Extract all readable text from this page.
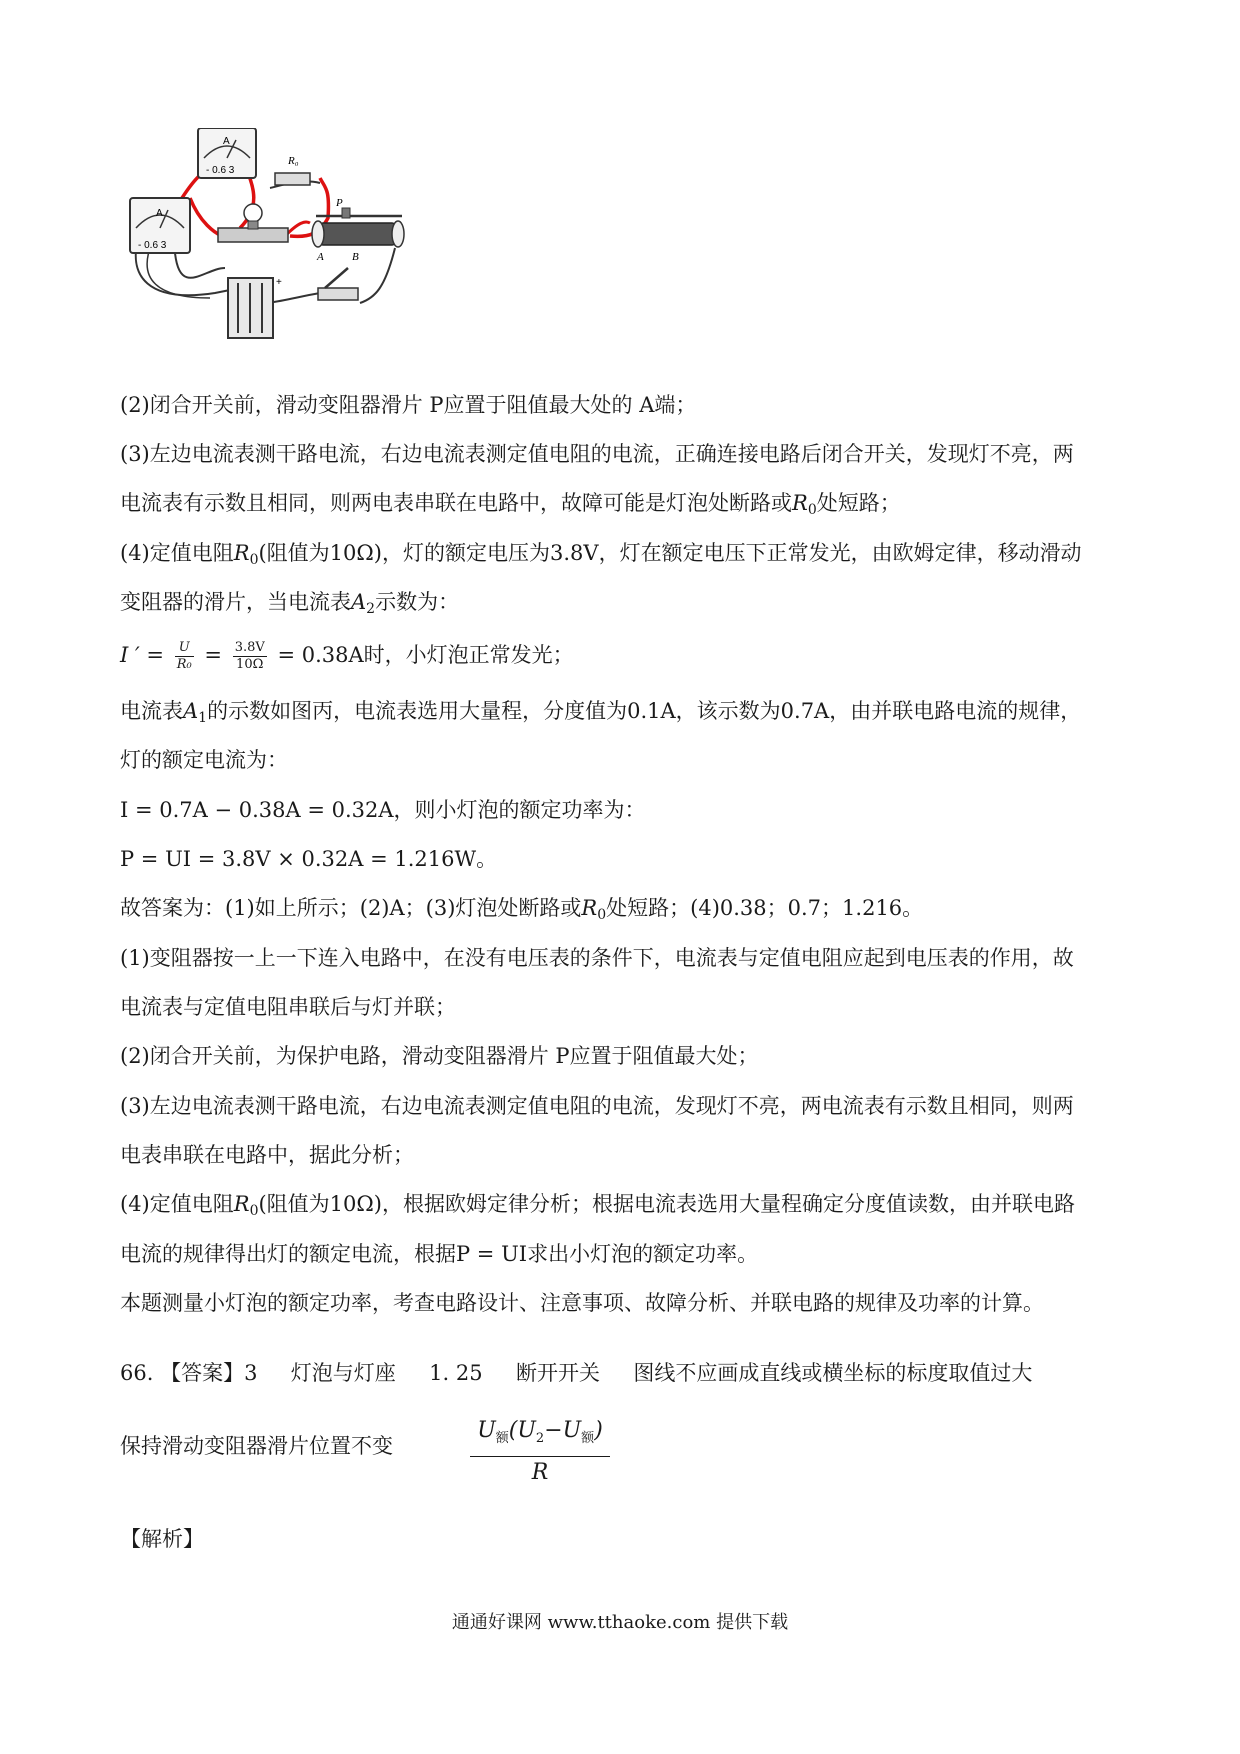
A
- 0.6 3
A
- 0.6 3
R₀
P
A	B
+
(2)闭合开关前，滑动变阻器滑片 P应置于阻值最大处的 A端；
(3)左边电流表测干路电流，右边电流表测定值电阻的电流，正确连接电路后闭合开关，发现灯不亮，两
电流表有示数且相同，则两电表串联在电路中，故障可能是灯泡处断路或$R_0$处短路；
(4)定值电阻$R_0$(阻值为10Ω)，灯的额定电压为3.8V，灯在额定电压下正常发光，由欧姆定律，移动滑动
变阻器的滑片，当电流表$A_2$示数为：
I ′ = $\frac{U}{\text{R₀}} = \frac{3.8V}{10\Omega} = 0.38A$时，小灯泡正常发光；
电流表$A_1$的示数如图丙，电流表选用大量程，分度值为0.1A，该示数为0.7A，由并联电路电流的规律，
灯的额定电流为：
I = 0.7A − 0.38A = 0.32A，则小灯泡的额定功率为：
P = UI = 3.8V × 0.32A = 1.216W。
故答案为：(1)如上所示；(2)A；(3)灯泡处断路或$R_0$处短路；(4)0.38；0.7；1.216。
(1)变阻器按一上一下连入电路中，在没有电压表的条件下，电流表与定值电阻应起到电压表的作用，故
电流表与定值电阻串联后与灯并联；
(2)闭合开关前，为保护电路，滑动变阻器滑片 P应置于阻值最大处；
(3)左边电流表测干路电流，右边电流表测定值电阻的电流，发现灯不亮，两电流表有示数且相同，则两
电表串联在电路中，据此分析；
(4)定值电阻$R_0$(阻值为10Ω)，根据欧姆定律分析；根据电流表选用大量程确定分度值读数，由并联电路
电流的规律得出灯的额定电流，根据P = UI求出小灯泡的额定功率。
本题测量小灯泡的额定功率，考查电路设计、注意事项、故障分析、并联电路的规律及功率的计算。
66. 【答案】3     灯泡与灯座     1. 25     断开开关     图线不应画成直线或横坐标的标度取值过大
保持滑动变阻器滑片位置不变
$U_额(U_2-U_额)$
R
【解析】
通通好课网 www.tthaoke.com 提供下载
